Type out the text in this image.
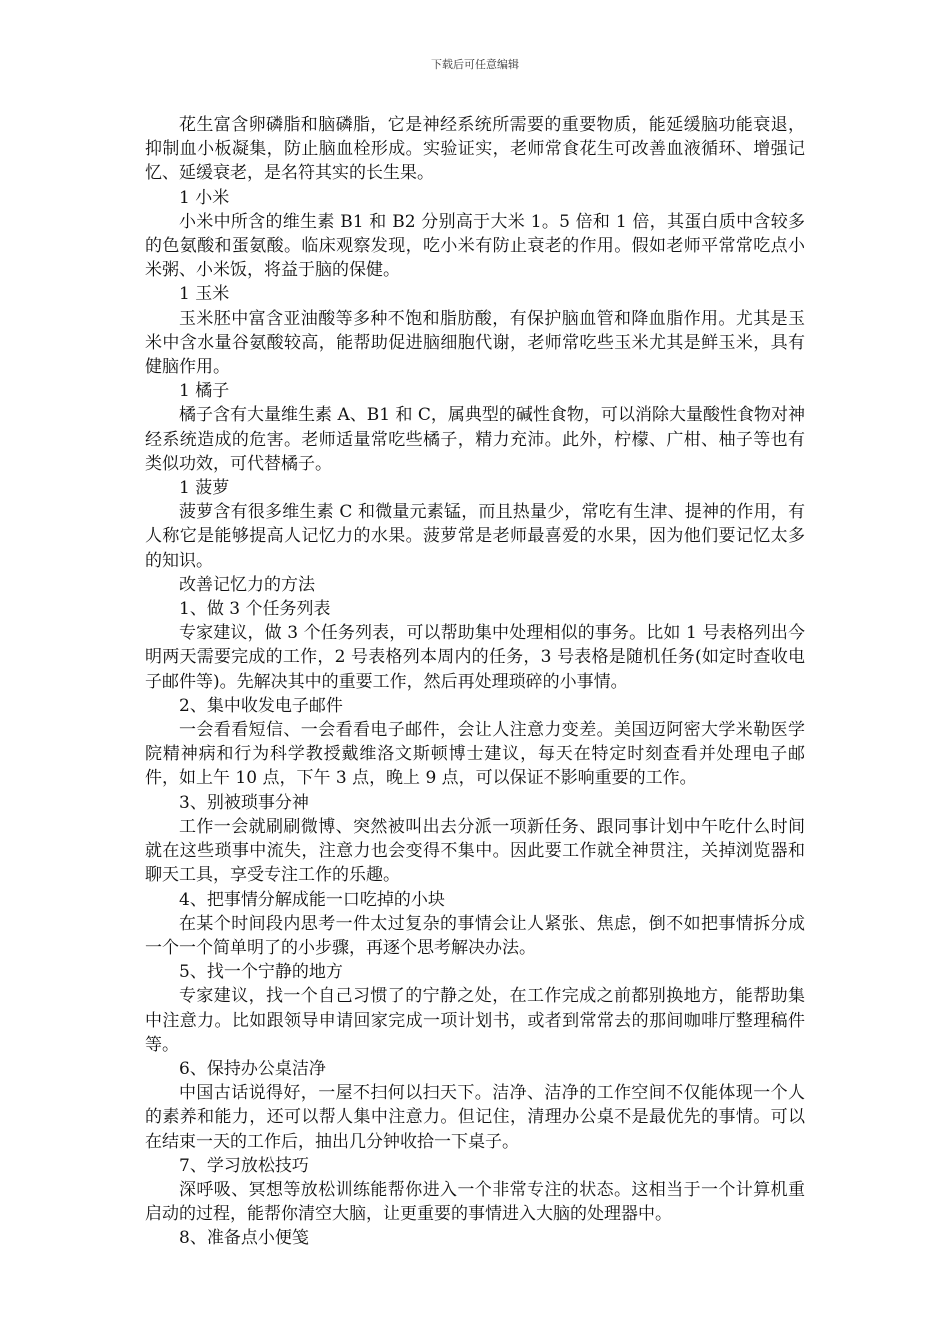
下载后可任意编辑

花生富含卵磷脂和脑磷脂，它是神经系统所需要的重要物质，能延缓脑功能衰退，抑制血小板凝集，防止脑血栓形成。实验证实，老师常食花生可改善血液循环、增强记忆、延缓衰老，是名符其实的长生果。

1 小米

小米中所含的维生素 B1 和 B2 分别高于大米 1。5 倍和 1 倍，其蛋白质中含较多的色氨酸和蛋氨酸。临床观察发现，吃小米有防止衰老的作用。假如老师平常常吃点小米粥、小米饭，将益于脑的保健。

1 玉米

玉米胚中富含亚油酸等多种不饱和脂肪酸，有保护脑血管和降血脂作用。尤其是玉米中含水量谷氨酸较高，能帮助促进脑细胞代谢，老师常吃些玉米尤其是鲜玉米，具有健脑作用。

1 橘子

橘子含有大量维生素 A、B1 和 C，属典型的碱性食物，可以消除大量酸性食物对神经系统造成的危害。老师适量常吃些橘子，精力充沛。此外，柠檬、广柑、柚子等也有类似功效，可代替橘子。

1 菠萝

菠萝含有很多维生素 C 和微量元素锰，而且热量少，常吃有生津、提神的作用，有人称它是能够提高人记忆力的水果。菠萝常是老师最喜爱的水果，因为他们要记忆太多的知识。

改善记忆力的方法

1、做 3 个任务列表

专家建议，做 3 个任务列表，可以帮助集中处理相似的事务。比如 1 号表格列出今明两天需要完成的工作，2 号表格列本周内的任务，3 号表格是随机任务(如定时查收电子邮件等)。先解决其中的重要工作，然后再处理琐碎的小事情。

2、集中收发电子邮件

一会看看短信、一会看看电子邮件，会让人注意力变差。美国迈阿密大学米勒医学院精神病和行为科学教授戴维洛文斯顿博士建议，每天在特定时刻查看并处理电子邮件，如上午 10 点，下午 3 点，晚上 9 点，可以保证不影响重要的工作。

3、别被琐事分神

工作一会就刷刷微博、突然被叫出去分派一项新任务、跟同事计划中午吃什么时间就在这些琐事中流失，注意力也会变得不集中。因此要工作就全神贯注，关掉浏览器和聊天工具，享受专注工作的乐趣。

4、把事情分解成能一口吃掉的小块

在某个时间段内思考一件太过复杂的事情会让人紧张、焦虑，倒不如把事情拆分成一个一个简单明了的小步骤，再逐个思考解决办法。

5、找一个宁静的地方

专家建议，找一个自己习惯了的宁静之处，在工作完成之前都别换地方，能帮助集中注意力。比如跟领导申请回家完成一项计划书，或者到常常去的那间咖啡厅整理稿件等。

6、保持办公桌洁净

中国古话说得好，一屋不扫何以扫天下。洁净、洁净的工作空间不仅能体现一个人的素养和能力，还可以帮人集中注意力。但记住，清理办公桌不是最优先的事情。可以在结束一天的工作后，抽出几分钟收拾一下桌子。

7、学习放松技巧

深呼吸、冥想等放松训练能帮你进入一个非常专注的状态。这相当于一个计算机重启动的过程，能帮你清空大脑，让更重要的事情进入大脑的处理器中。

8、准备点小便笺
